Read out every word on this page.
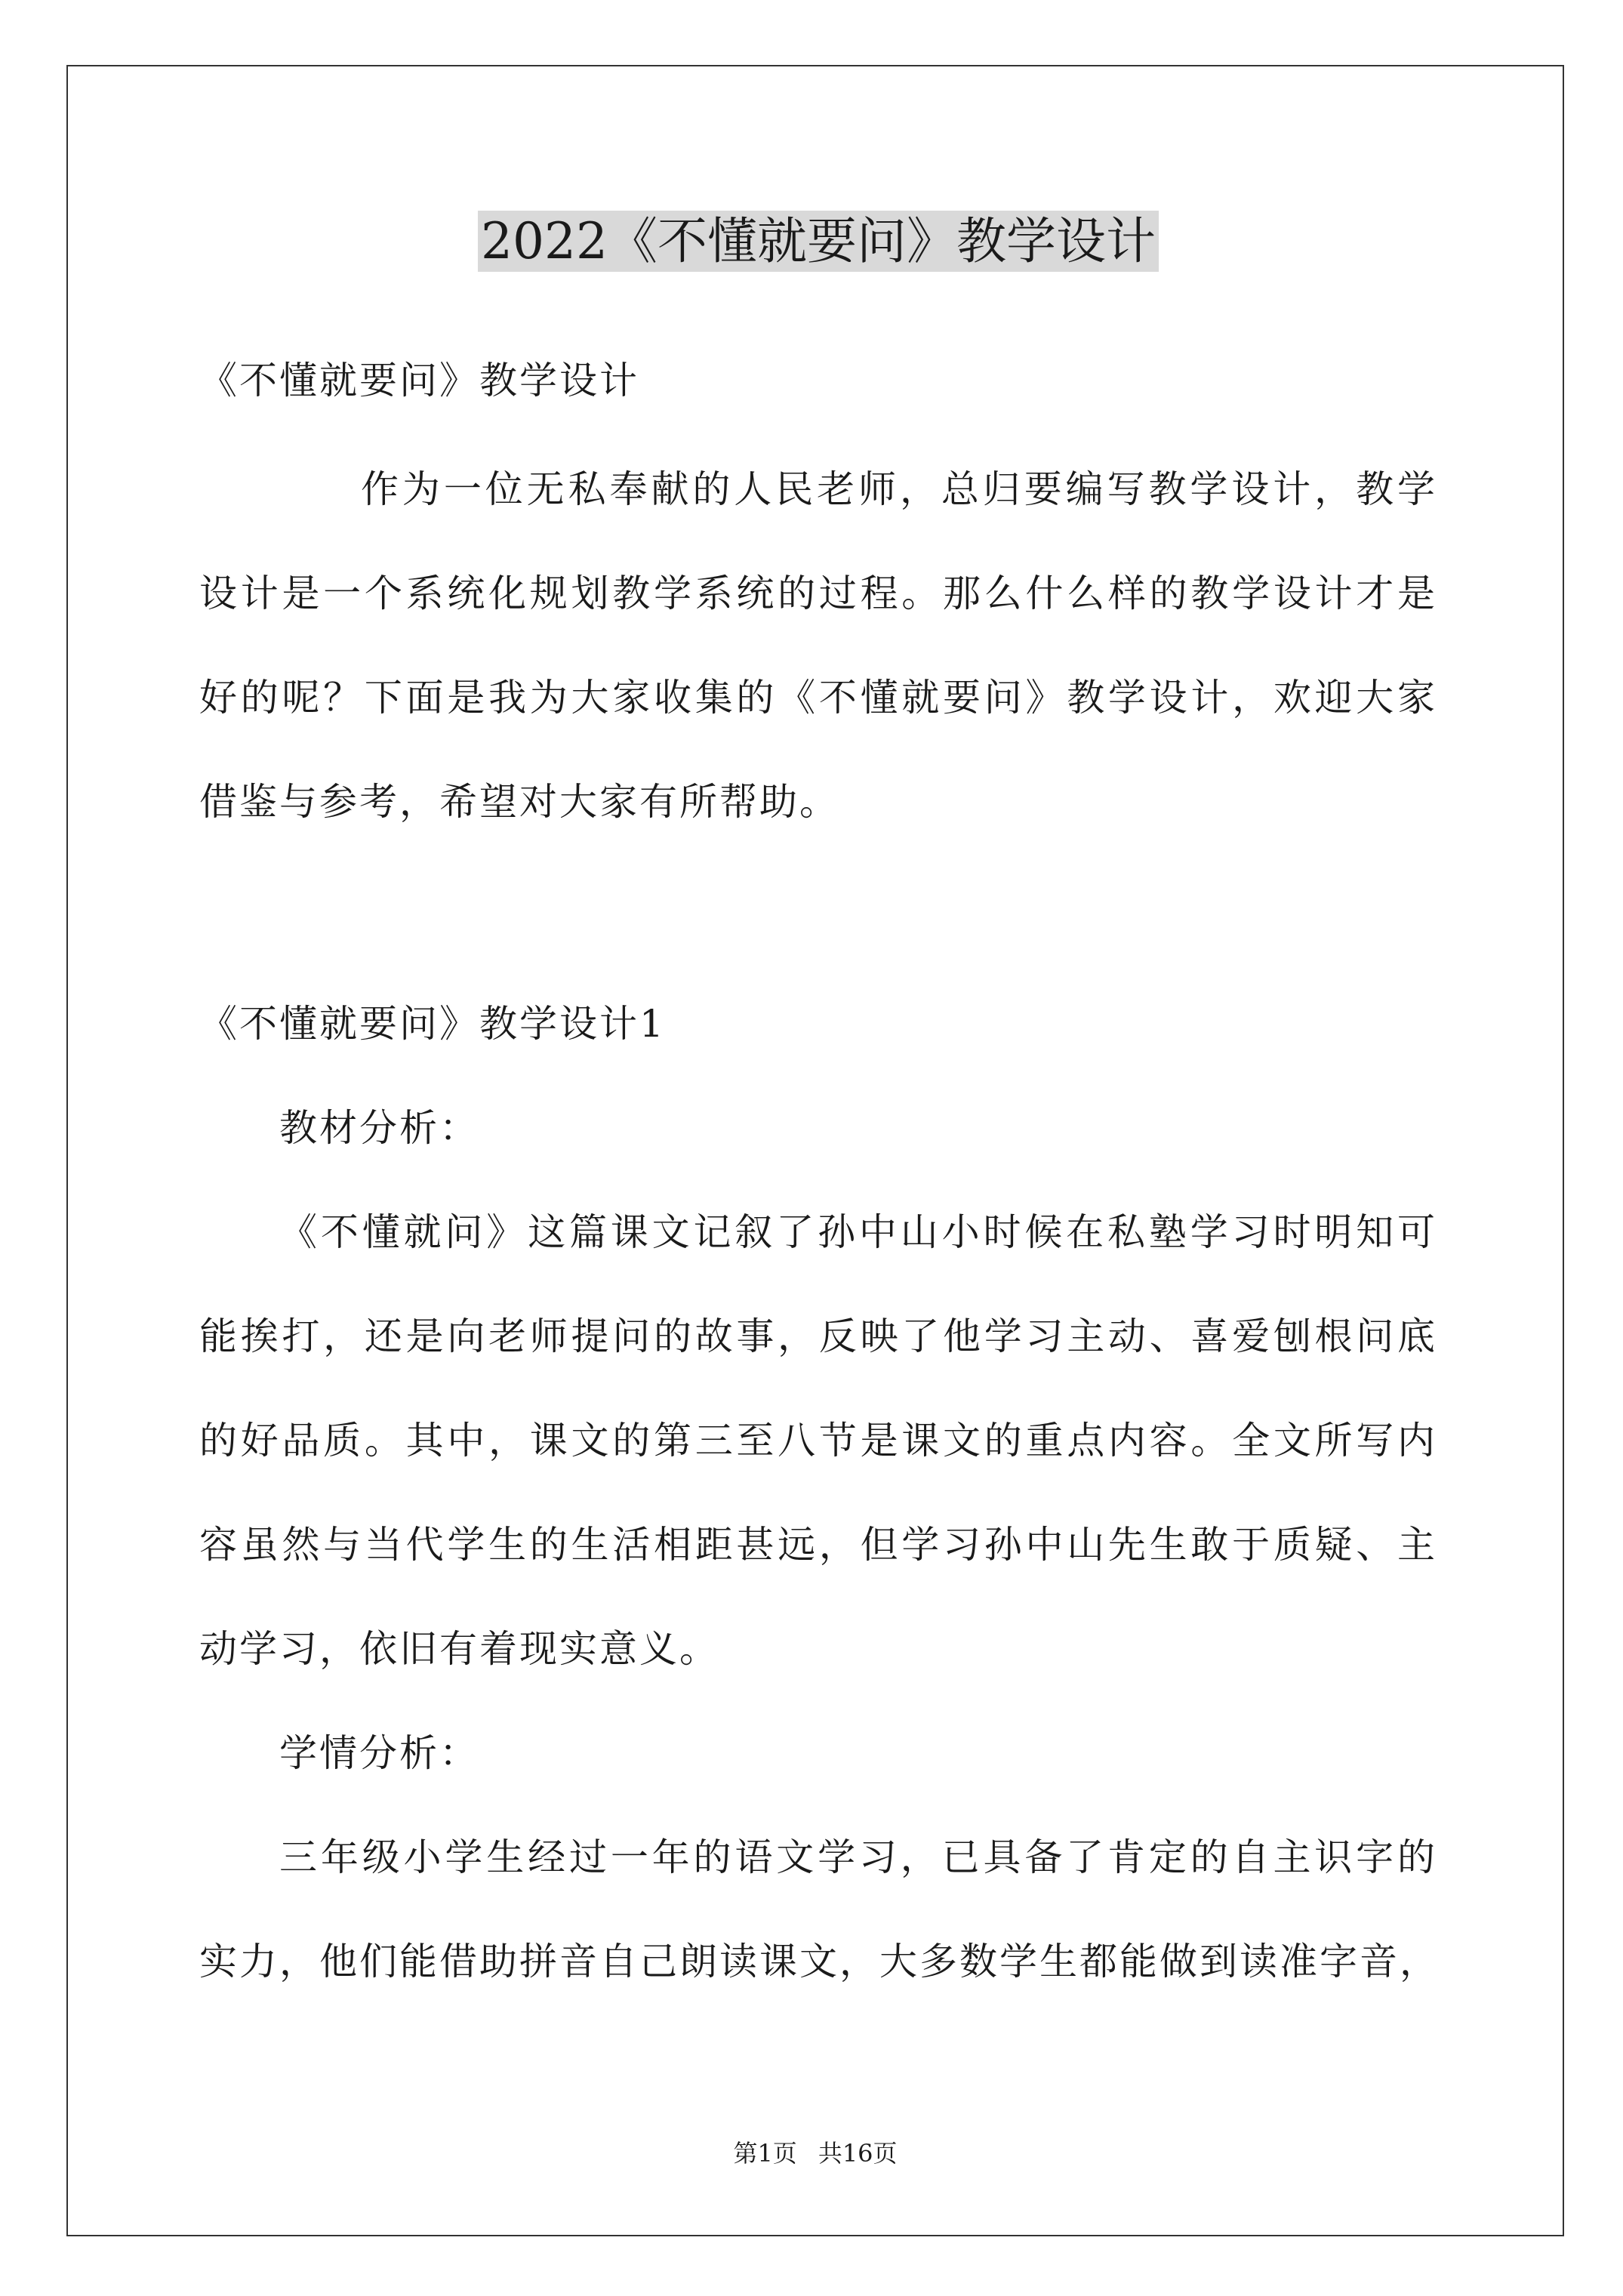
2022《不懂就要问》教学设计
《不懂就要问》教学设计
作为一位无私奉献的人民老师，总归要编写教学设计，教学
设计是一个系统化规划教学系统的过程。那么什么样的教学设计才是
好的呢？下面是我为大家收集的《不懂就要问》教学设计，欢迎大家
借鉴与参考，希望对大家有所帮助。
《不懂就要问》教学设计1
教材分析：
《不懂就问》这篇课文记叙了孙中山小时候在私塾学习时明知可
能挨打，还是向老师提问的故事，反映了他学习主动、喜爱刨根问底
的好品质。其中，课文的第三至八节是课文的重点内容。全文所写内
容虽然与当代学生的生活相距甚远，但学习孙中山先生敢于质疑、主
动学习，依旧有着现实意义。
学情分析：
三年级小学生经过一年的语文学习，已具备了肯定的自主识字的
实力，他们能借助拼音自己朗读课文，大多数学生都能做到读准字音，
第1页 共16页
